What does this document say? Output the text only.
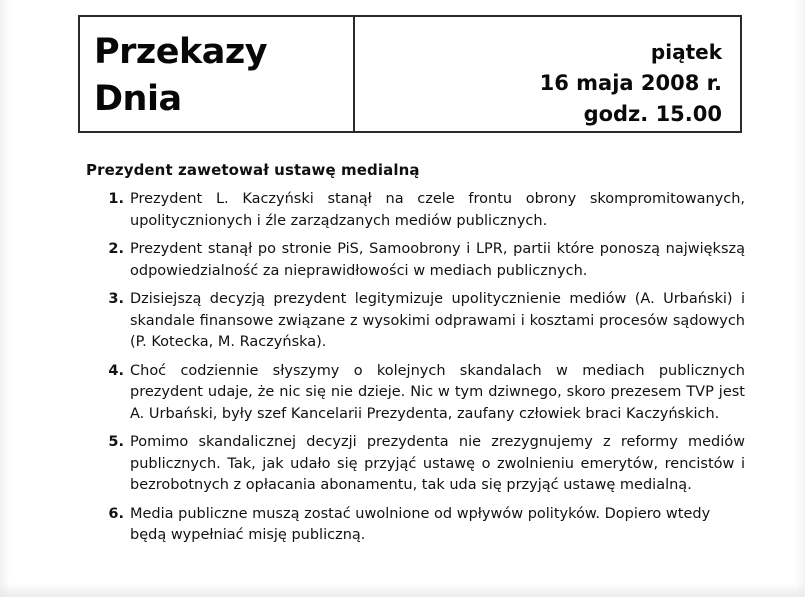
Przekazy
Dnia
piątek
16 maja 2008 r.
godz. 15.00
Prezydent zawetował ustawę medialną
1. Prezydent L. Kaczyński stanął na czele frontu obrony skompromitowanych, upolitycznionych i źle zarządzanych mediów publicznych.
2. Prezydent stanął po stronie PiS, Samoobrony i LPR, partii które ponoszą największą odpowiedzialność za nieprawidłowości w mediach publicznych.
3. Dzisiejszą decyzją prezydent legitymizuje upolitycznienie mediów (A. Urbański) i skandale finansowe związane z wysokimi odprawami i kosztami procesów sądowych (P. Kotecka, M. Raczyńska).
4. Choć codziennie słyszymy o kolejnych skandalach w mediach publicznych prezydent udaje, że nic się nie dzieje. Nic w tym dziwnego, skoro prezesem TVP jest A. Urbański, były szef Kancelarii Prezydenta, zaufany człowiek braci Kaczyńskich.
5. Pomimo skandalicznej decyzji prezydenta nie zrezygnujemy z reformy mediów publicznych. Tak, jak udało się przyjąć ustawę o zwolnieniu emerytów, rencistów i bezrobotnych z opłacania abonamentu, tak uda się przyjąć ustawę medialną.
6. Media publiczne muszą zostać uwolnione od wpływów polityków. Dopiero wtedy będą wypełniać misję publiczną.
